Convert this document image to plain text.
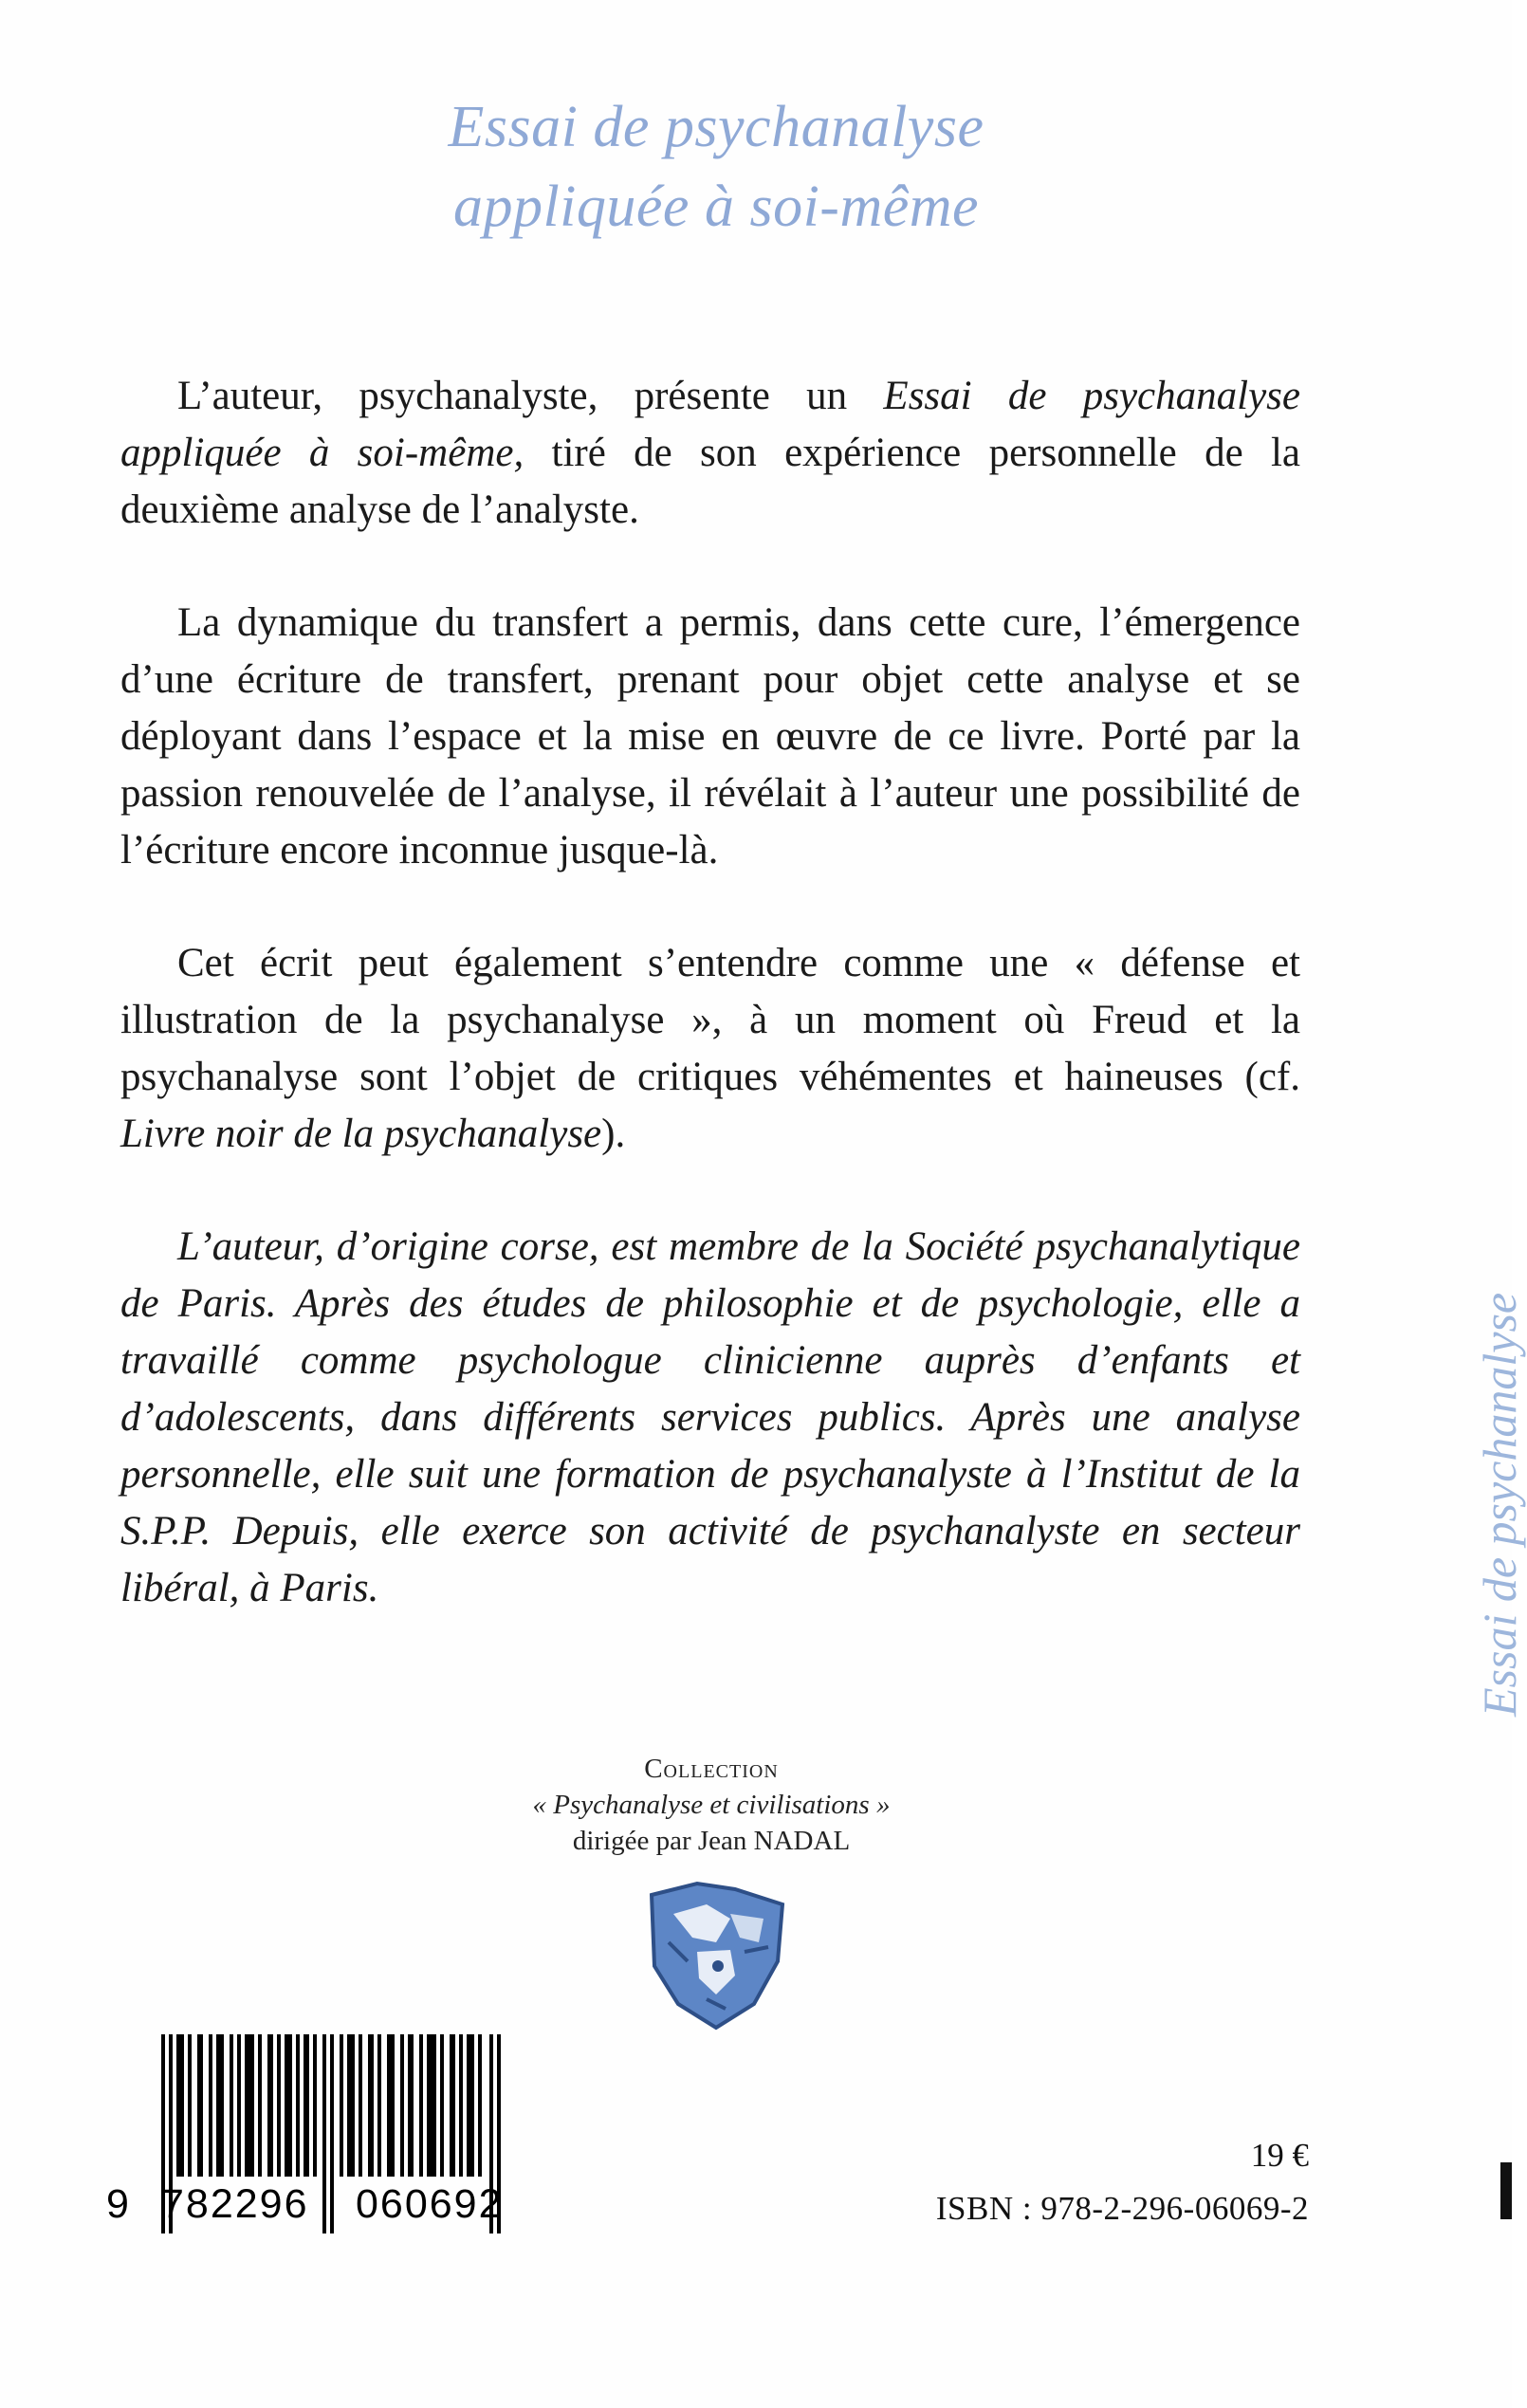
Essai de psychanalyse
appliquée à soi-même

L’auteur, psychanalyste, présente un Essai de psychanalyse appliquée à soi-même, tiré de son expérience personnelle de la deuxième analyse de l’analyste.

La dynamique du transfert a permis, dans cette cure, l’émergence d’une écriture de transfert, prenant pour objet cette analyse et se déployant dans l’espace et la mise en œuvre de ce livre. Porté par la passion renouvelée de l’analyse, il révélait à l’auteur une possibilité de l’écriture encore inconnue jusque-là.

Cet écrit peut également s’entendre comme une « défense et illustration de la psychanalyse », à un moment où Freud et la psychanalyse sont l’objet de critiques véhémentes et haineuses (cf. Livre noir de la psychanalyse).

L’auteur, d’origine corse, est membre de la Société psychanalytique de Paris. Après des études de philosophie et de psychologie, elle a travaillé comme psychologue clinicienne auprès d’enfants et d’adolescents, dans différents services publics. Après une analyse personnelle, elle suit une formation de psychanalyste à l’Institut de la S.P.P. Depuis, elle exerce son activité de psychanalyste en secteur libéral, à Paris.

Collection
« Psychanalyse et civilisations »
dirigée par Jean NADAL
9 782296 060692
19 €
ISBN : 978-2-296-06069-2
Essai de psychanalyse
